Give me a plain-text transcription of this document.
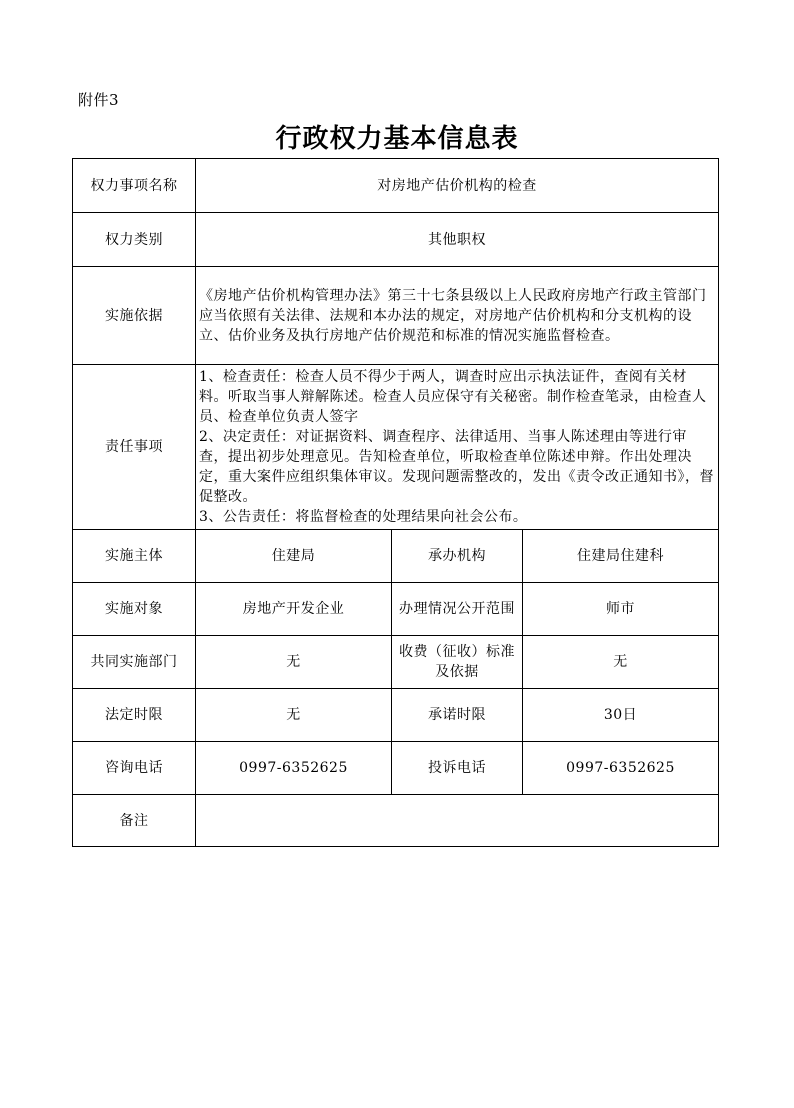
附件3
行政权力基本信息表
权力事项名称	对房地产估价机构的检查		
权力类别	其他职权		
实施依据	《房地产估价机构管理办法》第三十七条县级以上人民政府房地产行政主管部门应当依照有关法律、法规和本办法的规定，对房地产估价机构和分支机构的设立、估价业务及执行房地产估价规范和标准的情况实施监督检查。		
责任事项	1、检查责任：检查人员不得少于两人，调查时应出示执法证件，查阅有关材料。听取当事人辩解陈述。检查人员应保守有关秘密。制作检查笔录，由检查人员、检查单位负责人签字
2、决定责任：对证据资料、调查程序、法律适用、当事人陈述理由等进行审查，提出初步处理意见。告知检查单位，听取检查单位陈述申辩。作出处理决定，重大案件应组织集体审议。发现问题需整改的，发出《责令改正通知书》，督促整改。
3、公告责任：将监督检查的处理结果向社会公布。		

实施主体	住建局	承办机构	住建局住建科
实施对象	房地产开发企业	办理情况公开范围	师市
共同实施部门	无	收费（征收）标准及依据	无
法定时限	无	承诺时限	30日
咨询电话	0997-6352625	投诉电话	0997-6352625
备注			
